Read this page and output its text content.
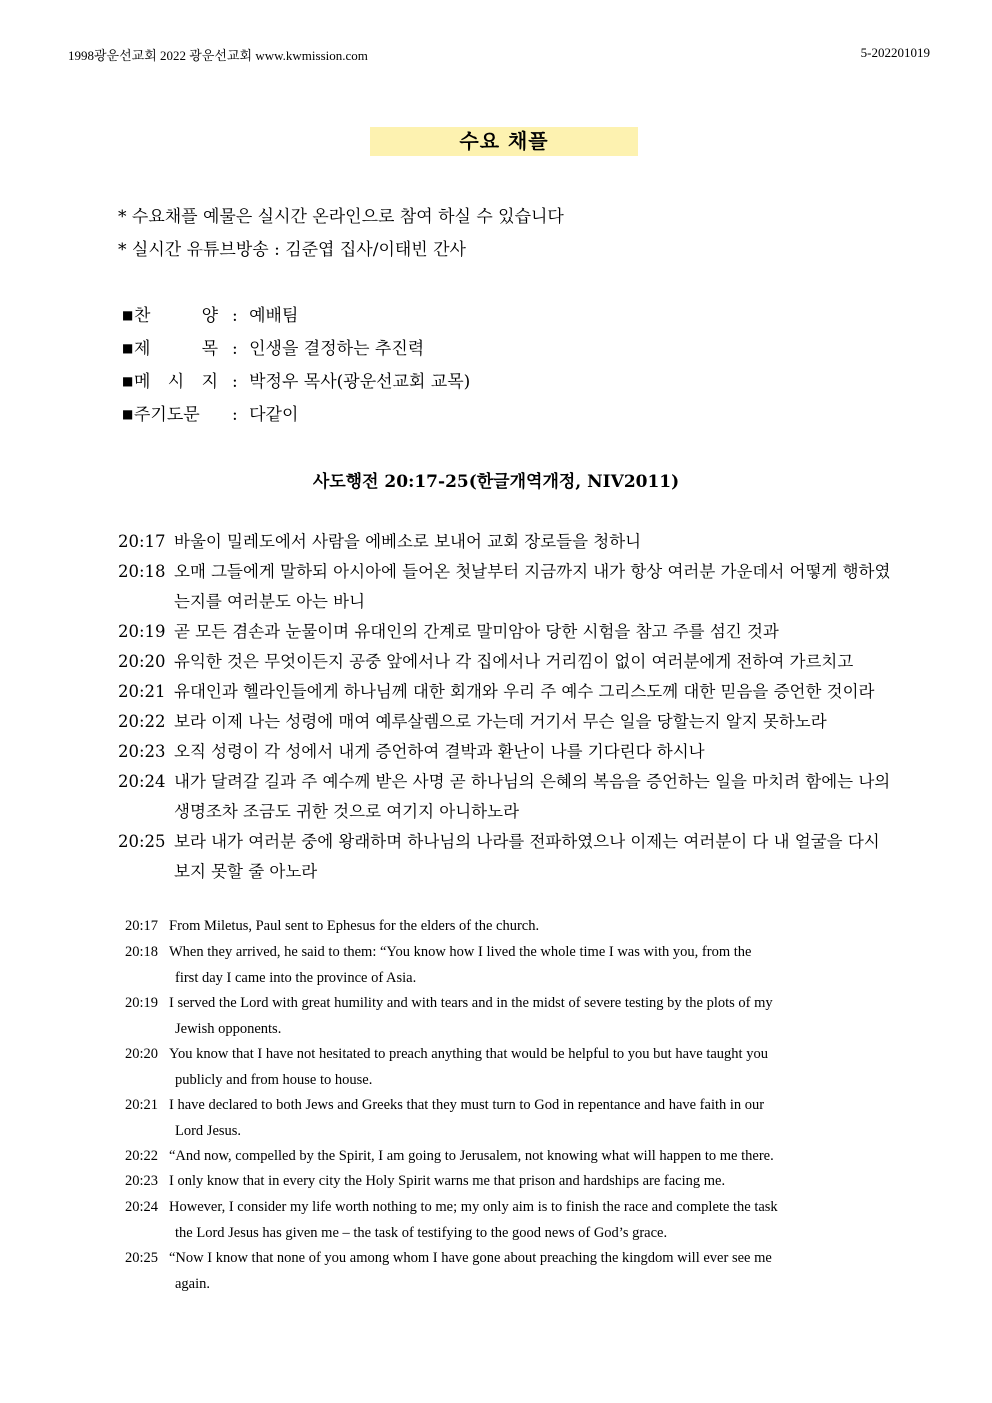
1998광운선교회 2022 광운선교회 www.kwmission.com	5-202201019
수요 채플
* 수요채플 예물은 실시간 온라인으로 참여 하실 수 있습니다
* 실시간 유튜브방송 : 김준엽 집사/이태빈 간사
■ 찬	양 : 예배팀
■ 제	목 : 인생을 결정하는 추진력
■ 메 시 지 : 박정우 목사(광운선교회 교목)
■주기도문 : 다같이
사도행전 20:17-25(한글개역개정, NIV2011)
20:17 바울이 밀레도에서 사람을 에베소로 보내어 교회 장로들을 청하니
20:18 오매 그들에게 말하되 아시아에 들어온 첫날부터 지금까지 내가 항상 여러분 가운데서 어떻게 행하였
는지를 여러분도 아는 바니
20:19 곧 모든 겸손과 눈물이며 유대인의 간계로 말미암아 당한 시험을 참고 주를 섬긴 것과
20:20 유익한 것은 무엇이든지 공중 앞에서나 각 집에서나 거리낌이 없이 여러분에게 전하여 가르치고
20:21 유대인과 헬라인들에게 하나님께 대한 회개와 우리 주 예수 그리스도께 대한 믿음을 증언한 것이라
20:22 보라 이제 나는 성령에 매여 예루살렘으로 가는데 거기서 무슨 일을 당할는지 알지 못하노라
20:23 오직 성령이 각 성에서 내게 증언하여 결박과 환난이 나를 기다린다 하시나
20:24 내가 달려갈 길과 주 예수께 받은 사명 곧 하나님의 은혜의 복음을 증언하는 일을 마치려 함에는 나의
생명조차 조금도 귀한 것으로 여기지 아니하노라
20:25 보라 내가 여러분 중에 왕래하며 하나님의 나라를 전파하였으나 이제는 여러분이 다 내 얼굴을 다시
보지 못할 줄 아노라
20:17 From Miletus, Paul sent to Ephesus for the elders of the church.
20:18 When they arrived, he said to them: “You know how I lived the whole time I was with you, from the
first day I came into the province of Asia.
20:19 I served the Lord with great humility and with tears and in the midst of severe testing by the plots of my
Jewish opponents.
20:20 You know that I have not hesitated to preach anything that would be helpful to you but have taught you
publicly and from house to house.
20:21 I have declared to both Jews and Greeks that they must turn to God in repentance and have faith in our
Lord Jesus.
20:22 “And now, compelled by the Spirit, I am going to Jerusalem, not knowing what will happen to me there.
20:23 I only know that in every city the Holy Spirit warns me that prison and hardships are facing me.
20:24 However, I consider my life worth nothing to me; my only aim is to finish the race and complete the task
the Lord Jesus has given me – the task of testifying to the good news of God’s grace.
20:25 “Now I know that none of you among whom I have gone about preaching the kingdom will ever see me
again.
